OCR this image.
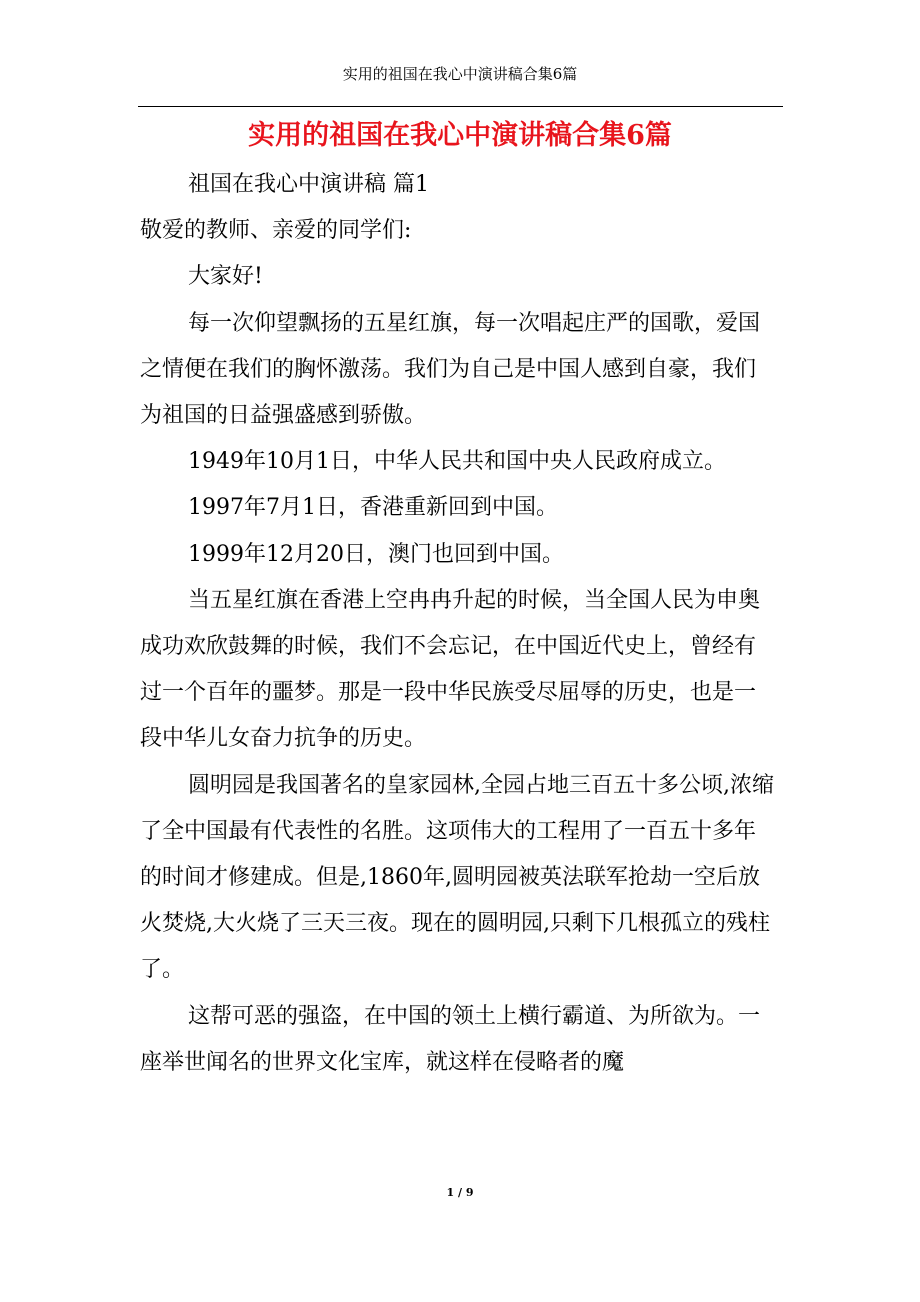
实用的祖国在我心中演讲稿合集6篇
实用的祖国在我心中演讲稿合集6篇

祖国在我心中演讲稿 篇1

敬爱的教师、亲爱的同学们:

大家好!

每一次仰望飘扬的五星红旗，每一次唱起庄严的国歌，爱国之情便在我们的胸怀激荡。我们为自己是中国人感到自豪，我们为祖国的日益强盛感到骄傲。

1949年10月1日，中华人民共和国中央人民政府成立。

1997年7月1日，香港重新回到中国。

1999年12月20日，澳门也回到中国。

当五星红旗在香港上空冉冉升起的时候，当全国人民为申奥成功欢欣鼓舞的时候，我们不会忘记，在中国近代史上，曾经有过一个百年的噩梦。那是一段中华民族受尽屈辱的历史，也是一段中华儿女奋力抗争的历史。

圆明园是我国著名的皇家园林,全园占地三百五十多公顷,浓缩了全中国最有代表性的名胜。这项伟大的工程用了一百五十多年的时间才修建成。但是,1860年,圆明园被英法联军抢劫一空后放火焚烧,大火烧了三天三夜。现在的圆明园,只剩下几根孤立的残柱了。

这帮可恶的强盗，在中国的领土上横行霸道、为所欲为。一座举世闻名的世界文化宝库，就这样在侵略者的魔

1 / 9
